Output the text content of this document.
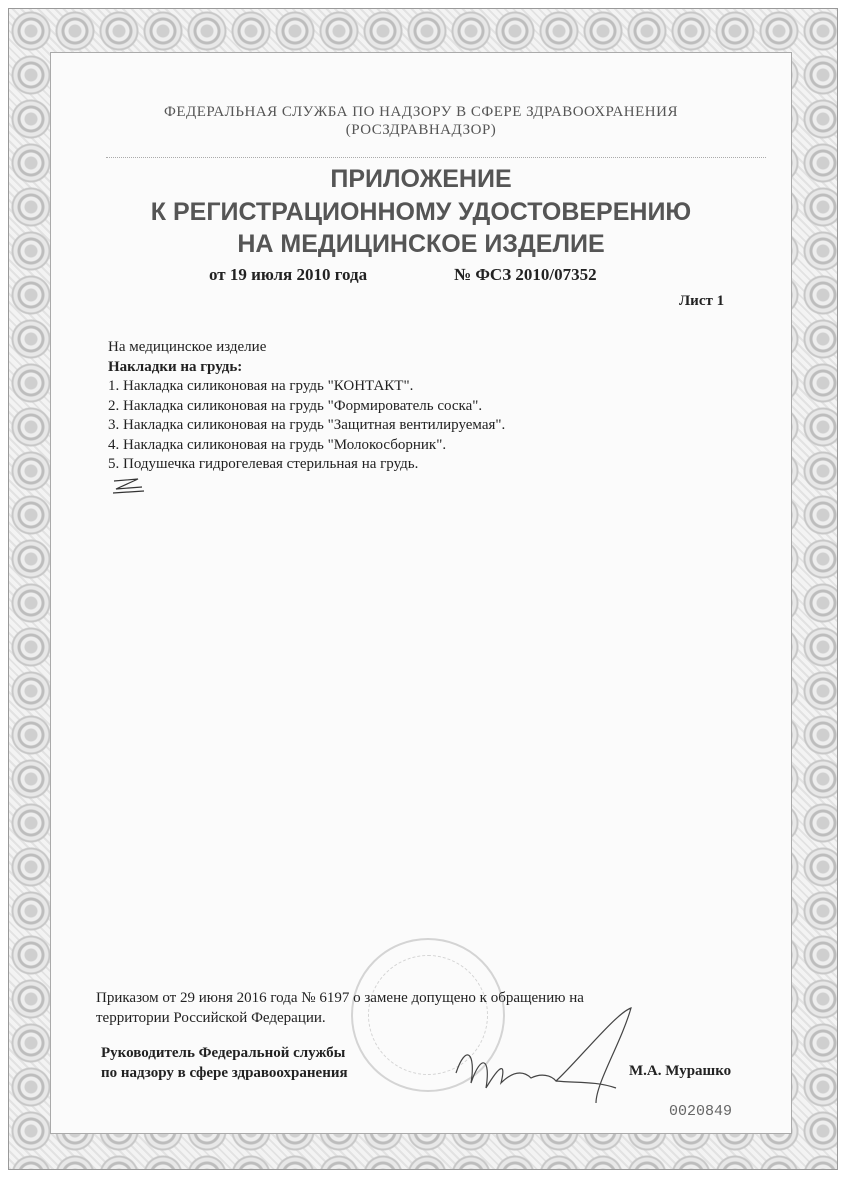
ФЕДЕРАЛЬНАЯ СЛУЖБА ПО НАДЗОРУ В СФЕРЕ ЗДРАВООХРАНЕНИЯ
(РОСЗДРАВНАДЗОР)
ПРИЛОЖЕНИЕ
К РЕГИСТРАЦИОННОМУ УДОСТОВЕРЕНИЮ
НА МЕДИЦИНСКОЕ ИЗДЕЛИЕ
от 19 июля 2010 года	№ ФСЗ 2010/07352
Лист 1
На медицинское изделие
Накладки на грудь:
1. Накладка силиконовая на грудь "КОНТАКТ".
2. Накладка силиконовая на грудь "Формирователь соска".
3. Накладка силиконовая на грудь "Защитная вентилируемая".
4. Накладка силиконовая на грудь "Молокосборник".
5. Подушечка гидрогелевая стерильная на грудь.
Приказом от 29 июня 2016 года № 6197 о замене допущено к обращению на
территории Российской Федерации.
Руководитель Федеральной службы
по надзору в сфере здравоохранения	М.А. Мурашко
0020849
